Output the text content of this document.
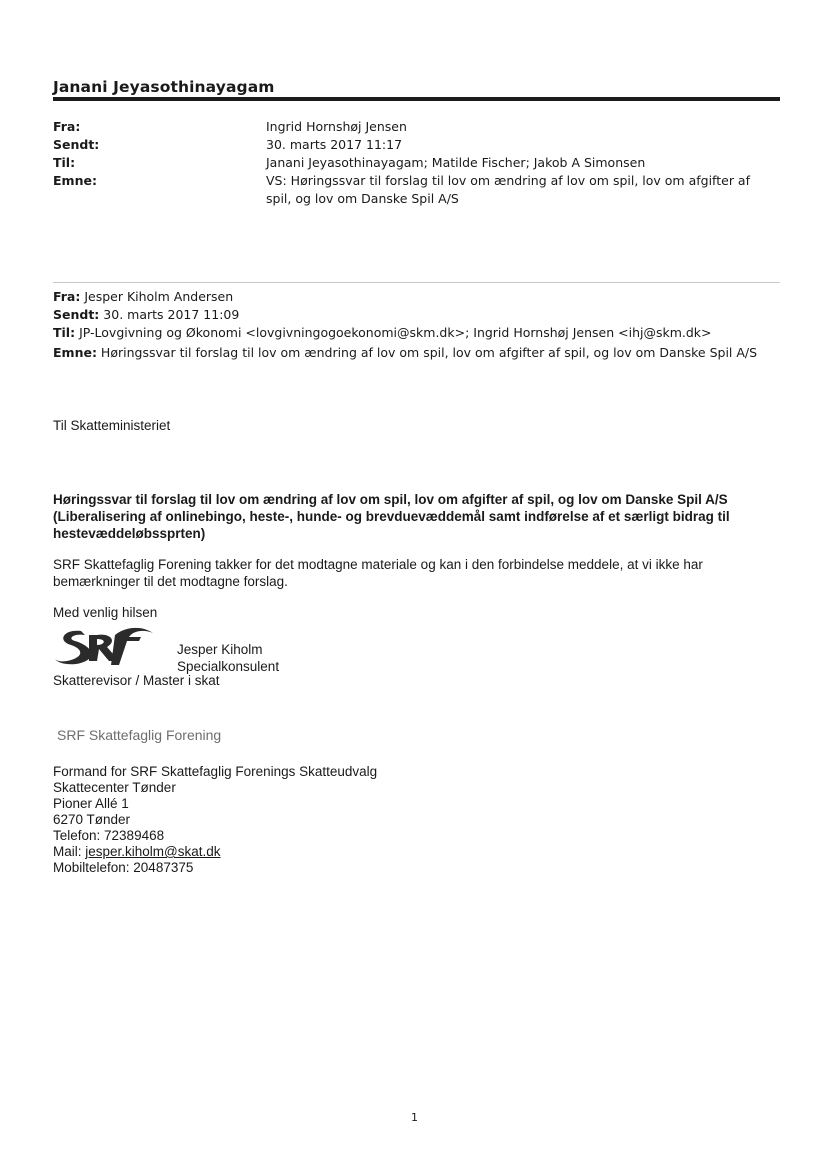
Janani Jeyasothinayagam
Fra:	Ingrid Hornshøj Jensen
Sendt:	30. marts 2017 11:17
Til:	Janani Jeyasothinayagam; Matilde Fischer; Jakob A Simonsen
Emne:	VS: Høringssvar til forslag til lov om ændring af lov om spil, lov om afgifter af spil, og lov om Danske Spil A/S
Fra: Jesper Kiholm Andersen
Sendt: 30. marts 2017 11:09
Til: JP-Lovgivning og Økonomi <lovgivningogoekonomi@skm.dk>; Ingrid Hornshøj Jensen <ihj@skm.dk>
Emne: Høringssvar til forslag til lov om ændring af lov om spil, lov om afgifter af spil, og lov om Danske Spil A/S
Til Skatteministeriet
Høringssvar til forslag til lov om ændring af lov om spil, lov om afgifter af spil, og lov om Danske Spil A/S (Liberalisering af onlinebingo, heste-, hunde- og brevduevæddemål samt indførelse af et særligt bidrag til hestevæddeløbssprten)
SRF Skattefaglig Forening takker for det modtagne materiale og kan i den forbindelse meddele, at vi ikke har bemærkninger til det modtagne forslag.
Med venlig hilsen
Jesper Kiholm
Specialkonsulent
Skatterevisor / Master i skat
SRF Skattefaglig Forening
Formand for SRF Skattefaglig Forenings Skatteudvalg
Skattecenter Tønder
Pioner Allé 1
6270 Tønder
Telefon: 72389468
Mail: jesper.kiholm@skat.dk
Mobiltelefon: 20487375
1
